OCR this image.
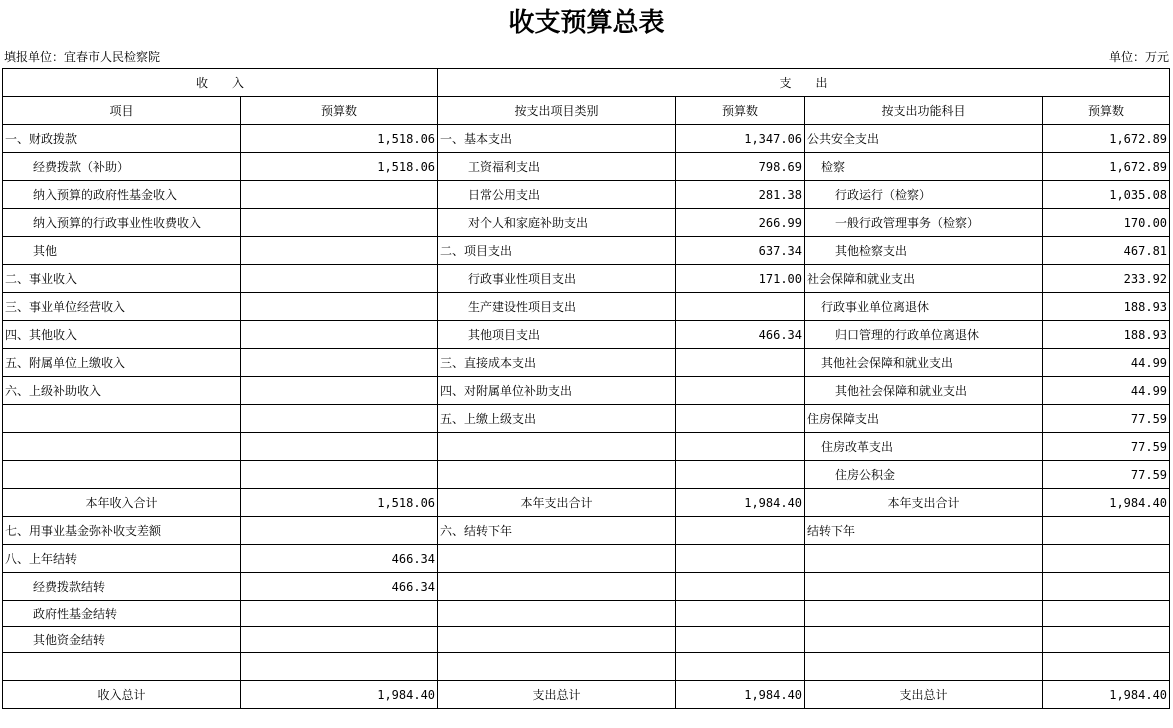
收支预算总表
填报单位：宜春市人民检察院	单位：万元
收　　入		支　　出			
项目	预算数	按支出项目类别	预算数	按支出功能科目	预算数
一、财政拨款	1,518.06	一、基本支出	1,347.06	公共安全支出	1,672.89
经费拨款（补助）	1,518.06	工资福利支出	798.69	检察	1,672.89
纳入预算的政府性基金收入		日常公用支出	281.38	行政运行（检察）	1,035.08
纳入预算的行政事业性收费收入		对个人和家庭补助支出	266.99	一般行政管理事务（检察）	170.00
其他		二、项目支出	637.34	其他检察支出	467.81
二、事业收入		行政事业性项目支出	171.00	社会保障和就业支出	233.92
三、事业单位经营收入		生产建设性项目支出		行政事业单位离退休	188.93
四、其他收入		其他项目支出	466.34	归口管理的行政单位离退休	188.93
五、附属单位上缴收入		三、直接成本支出		其他社会保障和就业支出	44.99
六、上级补助收入		四、对附属单位补助支出		其他社会保障和就业支出	44.99
		五、上缴上级支出		住房保障支出	77.59
				住房改革支出	77.59
				住房公积金	77.59
本年收入合计	1,518.06	本年支出合计	1,984.40	本年支出合计	1,984.40
七、用事业基金弥补收支差额		六、结转下年		结转下年	
八、上年结转	466.34				
经费拨款结转	466.34				
政府性基金结转					
其他资金结转					

收入总计	1,984.40	支出总计	1,984.40	支出总计	1,984.40
